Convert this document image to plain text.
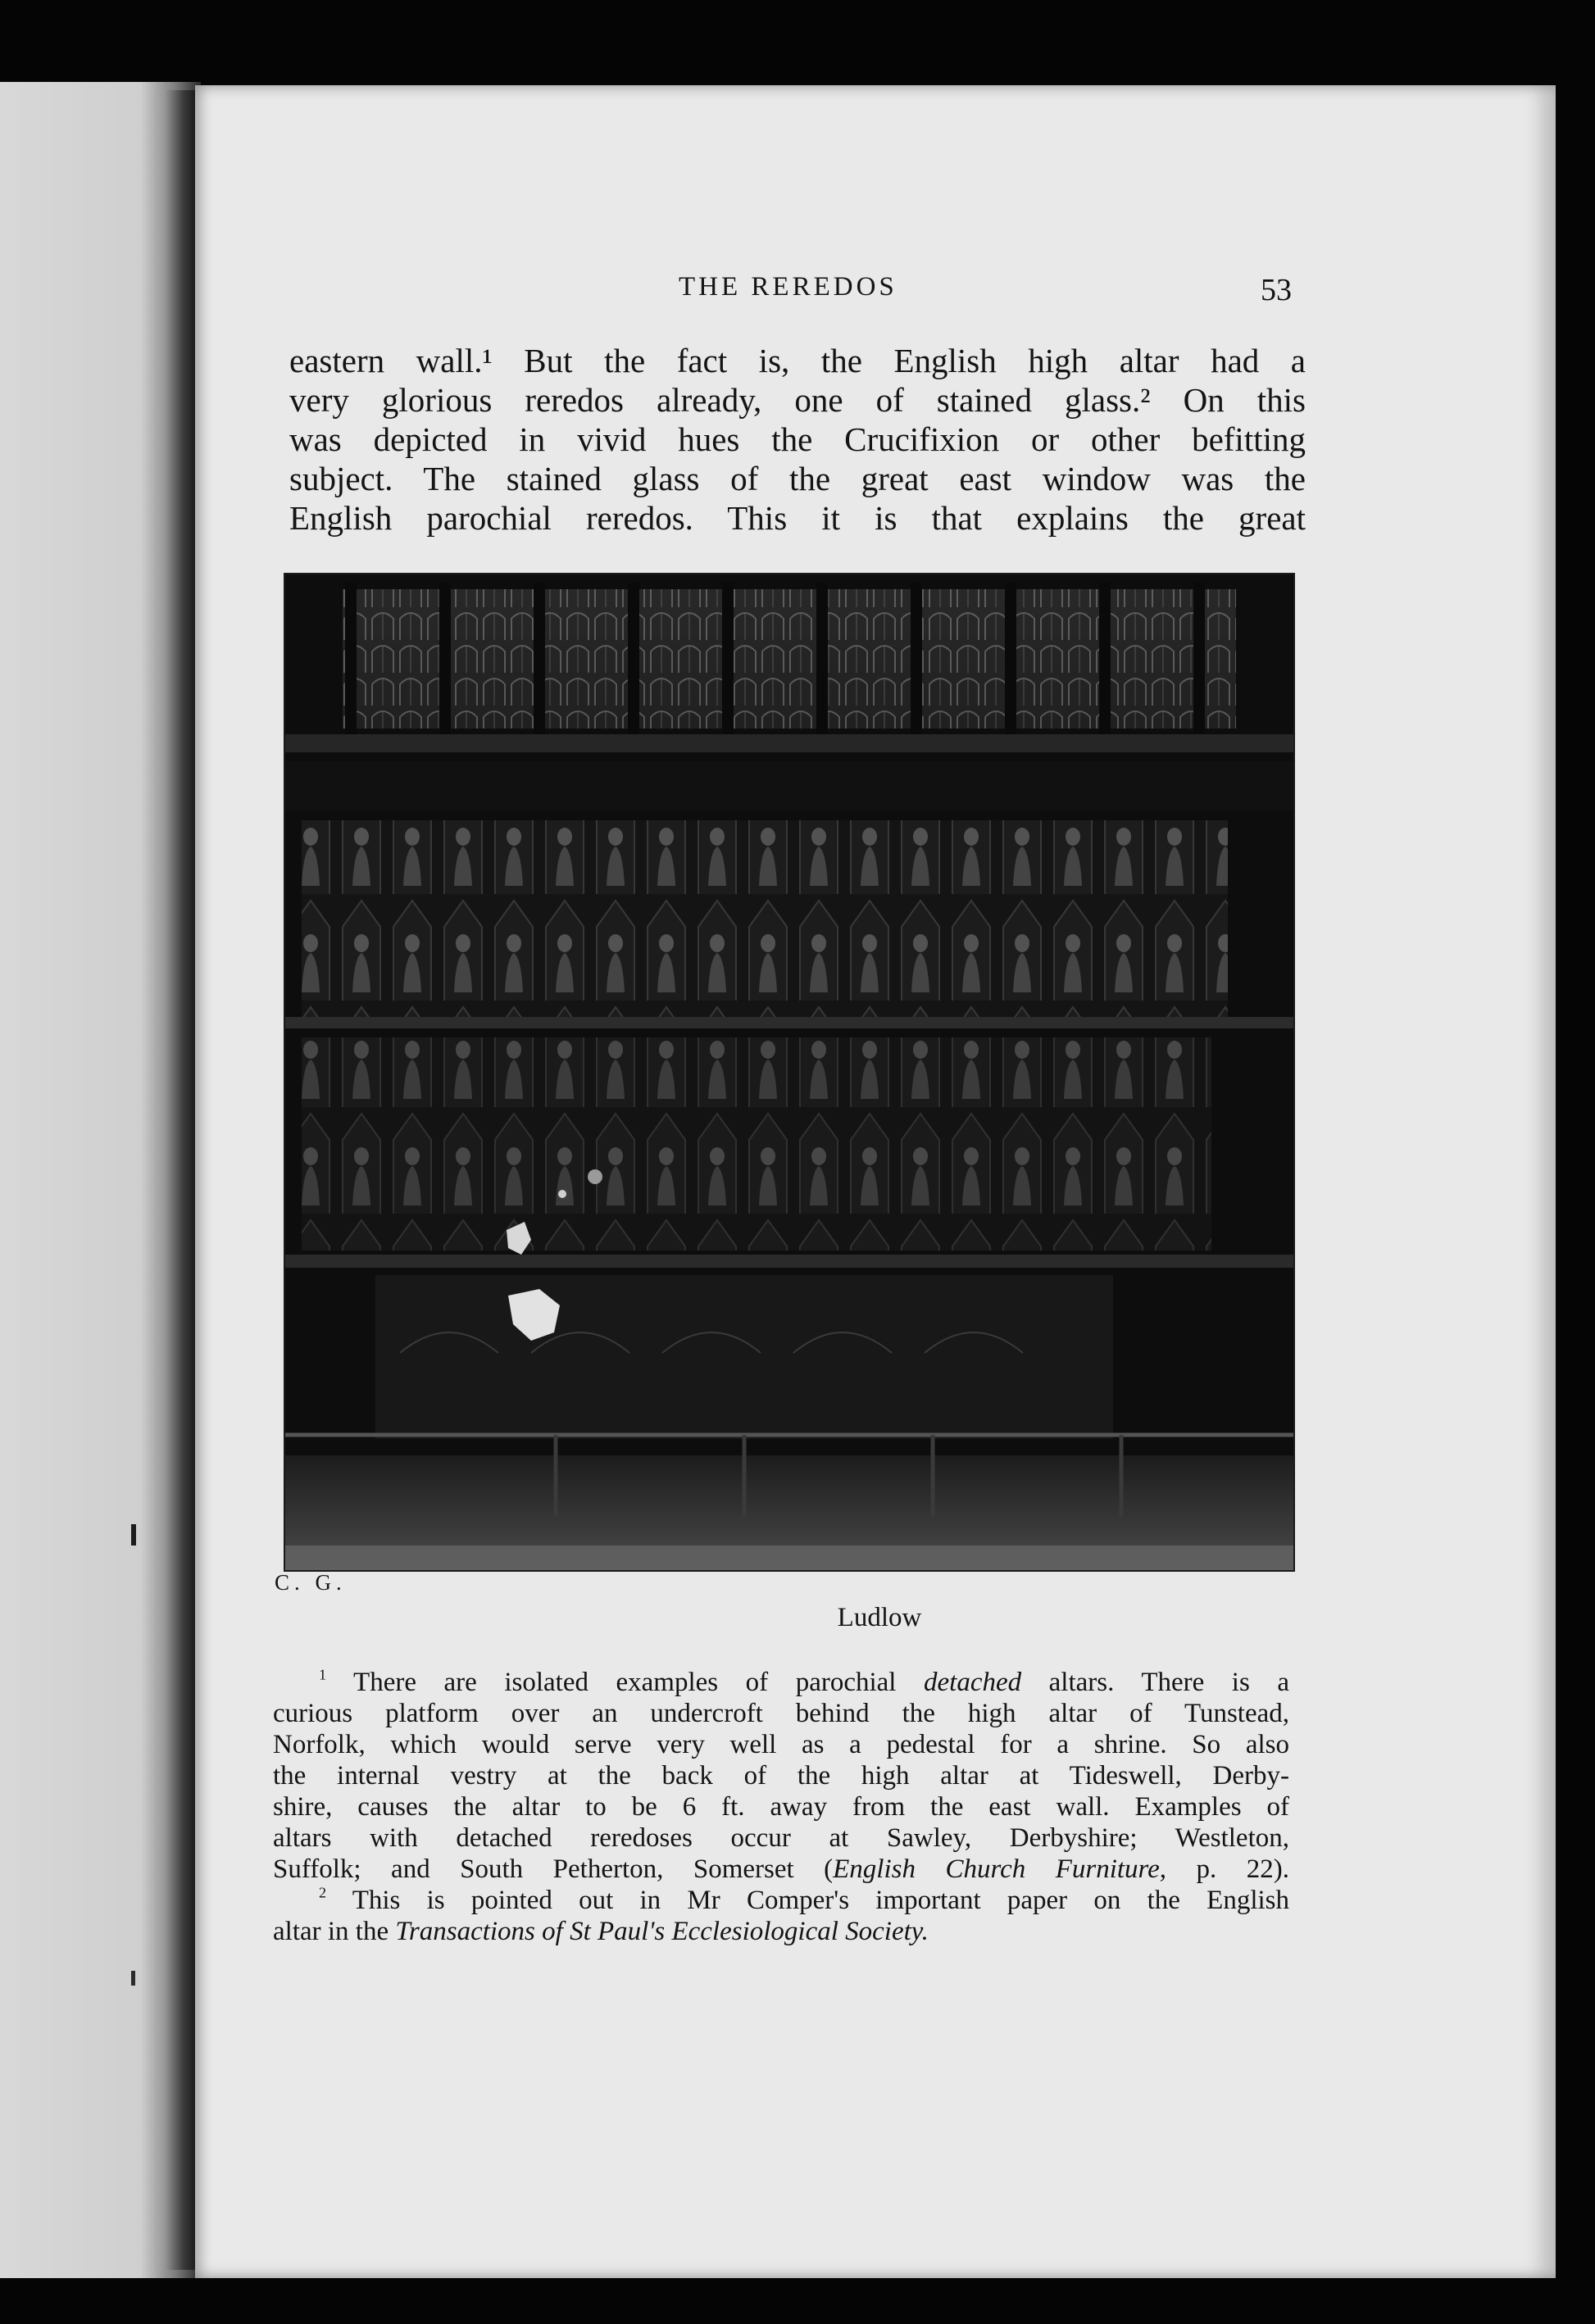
THE REREDOS	53
eastern wall.¹ But the fact is, the English high altar had a
very glorious reredos already, one of stained glass.² On this
was depicted in vivid hues the Crucifixion or other befitting
subject. The stained glass of the great east window was the
English parochial reredos. This it is that explains the great
C. G.
Ludlow
$^1$ There are isolated examples of parochial detached altars. There is a
curious platform over an undercroft behind the high altar of Tunstead,
Norfolk, which would serve very well as a pedestal for a shrine. So also
the internal vestry at the back of the high altar at Tideswell, Derby-
shire, causes the altar to be 6 ft. away from the east wall. Examples of
altars with detached reredoses occur at Sawley, Derbyshire; Westleton,
Suffolk; and South Petherton, Somerset (English Church Furniture, p. 22).
$^2$ This is pointed out in Mr Comper's important paper on the English
altar in the Transactions of St Paul's Ecclesiological Society.
